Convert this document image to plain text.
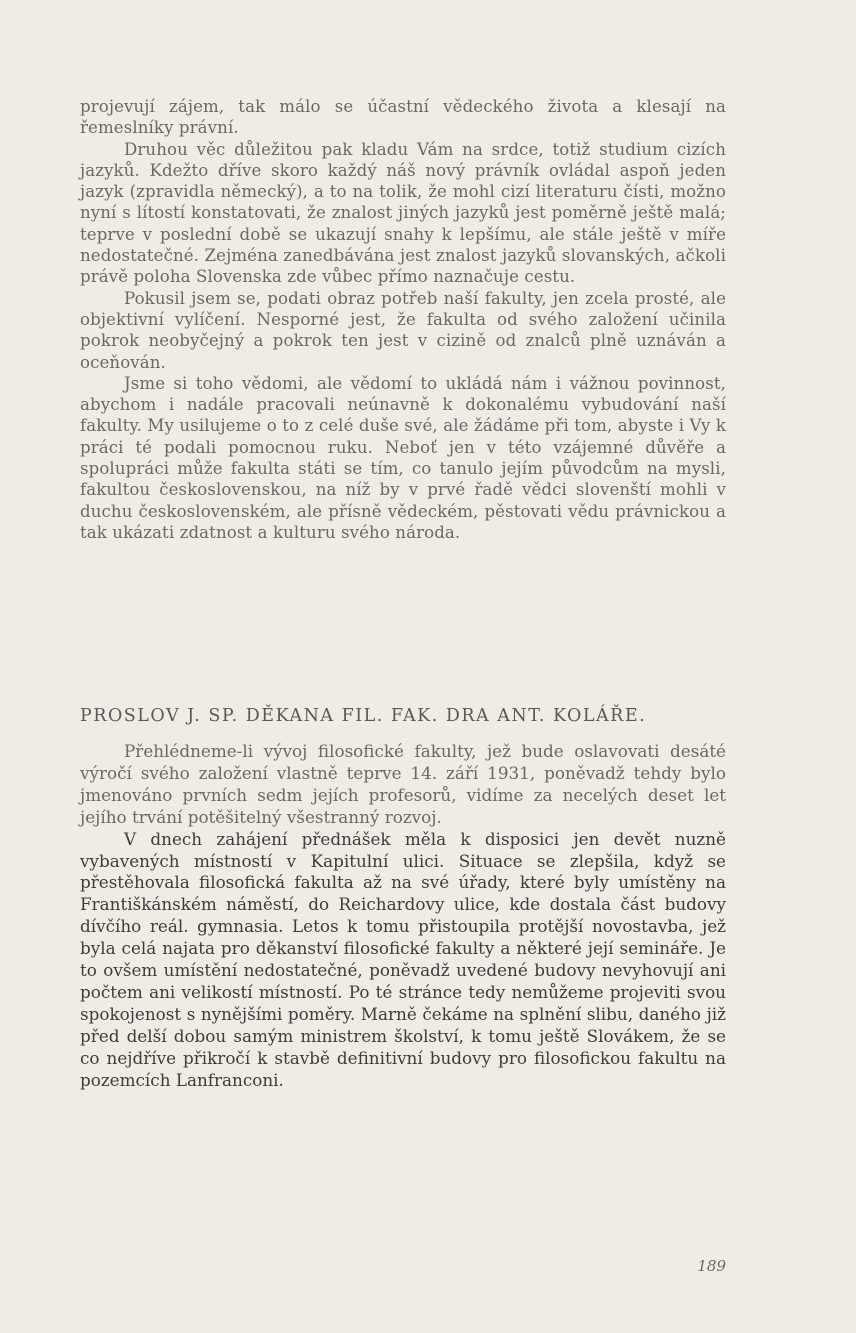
projevují zájem, tak málo se účastní vědeckého života a klesají na řemeslníky právní.

Druhou věc důležitou pak kladu Vám na srdce, totiž studium cizích jazyků. Kdežto dříve skoro každý náš nový právník ovládal aspoň jeden jazyk (zpravidla německý), a to na tolik, že mohl cizí literaturu čísti, možno nyní s lítostí konstatovati, že znalost jiných jazyků jest poměrně ještě malá; teprve v poslední době se ukazují snahy k lepšímu, ale stále ještě v míře nedostatečné. Zejména zanedbávána jest znalost jazyků slovanských, ačkoli právě poloha Slovenska zde vůbec přímo naznačuje cestu.

Pokusil jsem se, podati obraz potřeb naší fakulty, jen zcela prosté, ale objektivní vylíčení. Nesporné jest, že fakulta od svého založení učinila pokrok neobyčejný a pokrok ten jest v cizině od znalců plně uznáván a oceňován.

Jsme si toho vědomi, ale vědomí to ukládá nám i vážnou povinnost, abychom i nadále pracovali neúnavně k dokonalému vybudování naší fakulty. My usilujeme o to z celé duše své, ale žádáme při tom, abyste i Vy k práci té podali pomocnou ruku. Neboť jen v této vzájemné důvěře a spolupráci může fakulta státi se tím, co tanulo jejím původcům na mysli, fakultou československou, na níž by v prvé řadě vědci slovenští mohli v duchu československém, ale přísně vědeckém, pěstovati vědu právnickou a tak ukázati zdatnost a kulturu svého národa.

PROSLOV J. SP. DĚKANA FIL. FAK. DRA ANT. KOLÁŘE.

Přehlédneme-li vývoj filosofické fakulty, jež bude oslavovati desáté výročí svého založení vlastně teprve 14. září 1931, poněvadž tehdy bylo jmenováno prvních sedm jejích profesorů, vidíme za necelých deset let jejího trvání potěšitelný všestranný rozvoj.

V dnech zahájení přednášek měla k disposici jen devět nuzně vybavených místností v Kapitulní ulici. Situace se zlepšila, když se přestěhovala filosofická fakulta až na své úřady, které byly umístěny na Františkánském náměstí, do Reichardovy ulice, kde dostala část budovy dívčího reál. gymnasia. Letos k tomu přistoupila protější novostavba, jež byla celá najata pro děkanství filosofické fakulty a některé její semináře. Je to ovšem umístění nedostatečné, poněvadž uvedené budovy nevyhovují ani počtem ani velikostí místností. Po té stránce tedy nemůžeme projeviti svou spokojenost s nynějšími poměry. Marně čekáme na splnění slibu, daného již před delší dobou samým ministrem školství, k tomu ještě Slovákem, že se co nejdříve přikročí k stavbě definitivní budovy pro filosofickou fakultu na pozemcích Lanfranconi.

189
